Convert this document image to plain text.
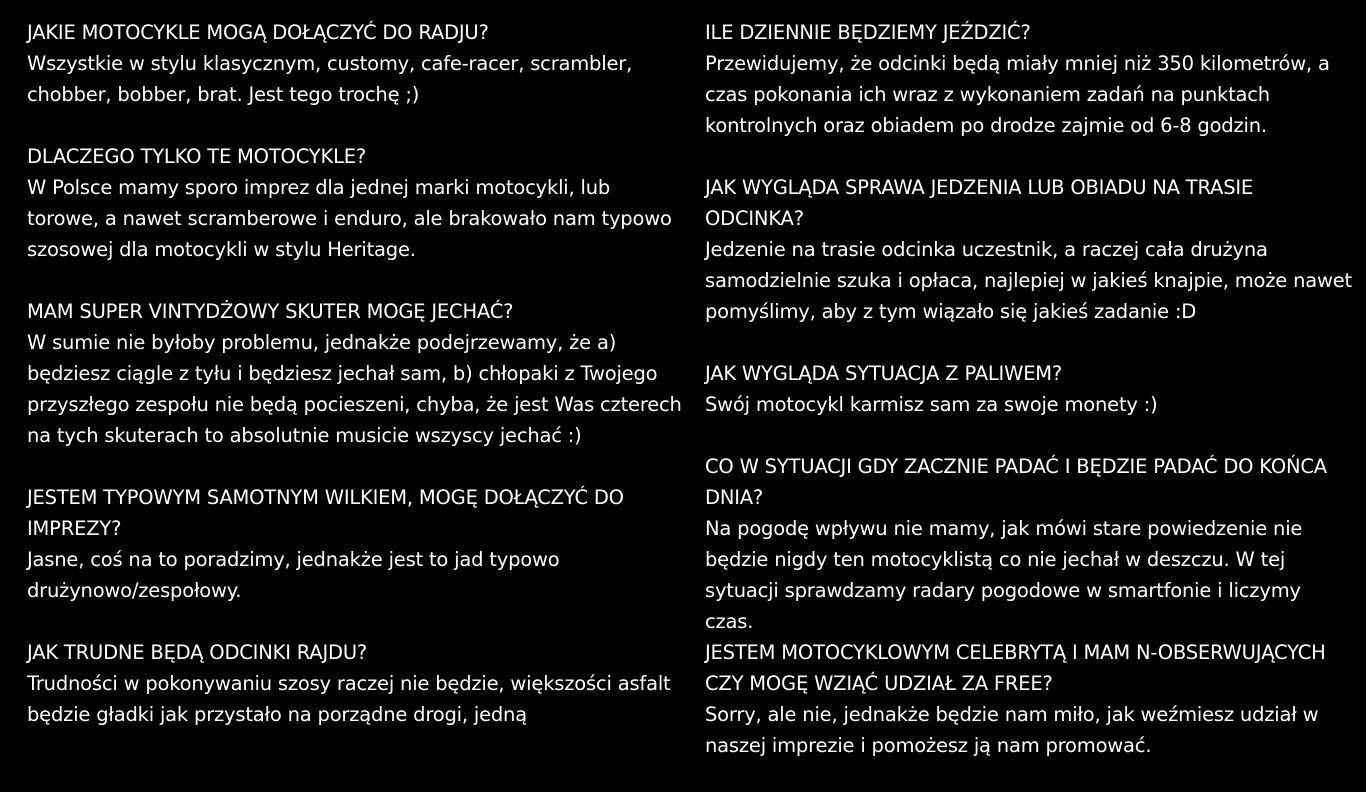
JAKIE MOTOCYKLE MOGĄ DOŁĄCZYĆ DO RADJU?

Wszystkie w stylu klasycznym, customy, cafe-racer, scrambler, chobber, bobber, brat. Jest tego trochę ;)

DLACZEGO TYLKO TE MOTOCYKLE?

W Polsce mamy sporo imprez dla jednej marki motocykli, lub torowe, a nawet scramberowe i enduro, ale brakowało nam typowo szosowej dla motocykli w stylu Heritage.

MAM SUPER VINTYDŻOWY SKUTER MOGĘ JECHAĆ?

W sumie nie byłoby problemu, jednakże podejrzewamy, że a) będziesz ciągle z tyłu i będziesz jechał sam, b) chłopaki z Twojego przyszłego zespołu nie będą pocieszeni, chyba, że jest Was czterech na tych skuterach to absolutnie musicie wszyscy jechać :)

JESTEM TYPOWYM SAMOTNYM WILKIEM, MOGĘ DOŁĄCZYĆ DO IMPREZY?

Jasne, coś na to poradzimy, jednakże jest to jad typowo drużynowo/zespołowy.

JAK TRUDNE BĘDĄ ODCINKI RAJDU?

Trudności w pokonywaniu szosy raczej nie będzie, większości asfalt będzie gładki jak przystało na porządne drogi, jedną

ILE DZIENNIE BĘDZIEMY JEŹDZIĆ?

Przewidujemy, że odcinki będą miały mniej niż 350 kilometrów, a czas pokonania ich wraz z wykonaniem zadań na punktach kontrolnych oraz obiadem po drodze zajmie od 6-8 godzin.

JAK WYGLĄDA SPRAWA JEDZENIA LUB OBIADU NA TRASIE ODCINKA?

Jedzenie na trasie odcinka uczestnik, a raczej cała drużyna samodzielnie szuka i opłaca, najlepiej w jakieś knajpie, może nawet pomyślimy, aby z tym wiązało się jakieś zadanie :D

JAK WYGLĄDA SYTUACJA Z PALIWEM?

Swój motocykl karmisz sam za swoje monety :)

CO W SYTUACJI GDY ZACZNIE PADAĆ I BĘDZIE PADAĆ DO KOŃCA DNIA?

Na pogodę wpływu nie mamy, jak mówi stare powiedzenie nie będzie nigdy ten motocyklistą co nie jechał w deszczu. W tej sytuacji sprawdzamy radary pogodowe w smartfonie i liczymy czas.

JESTEM MOTOCYKLOWYM CELEBRYTĄ I MAM N-OBSERWUJĄCYCH CZY MOGĘ WZIĄĆ UDZIAŁ ZA FREE?

Sorry, ale nie, jednakże będzie nam miło, jak weźmiesz udział w naszej imprezie i pomożesz ją nam promować.
